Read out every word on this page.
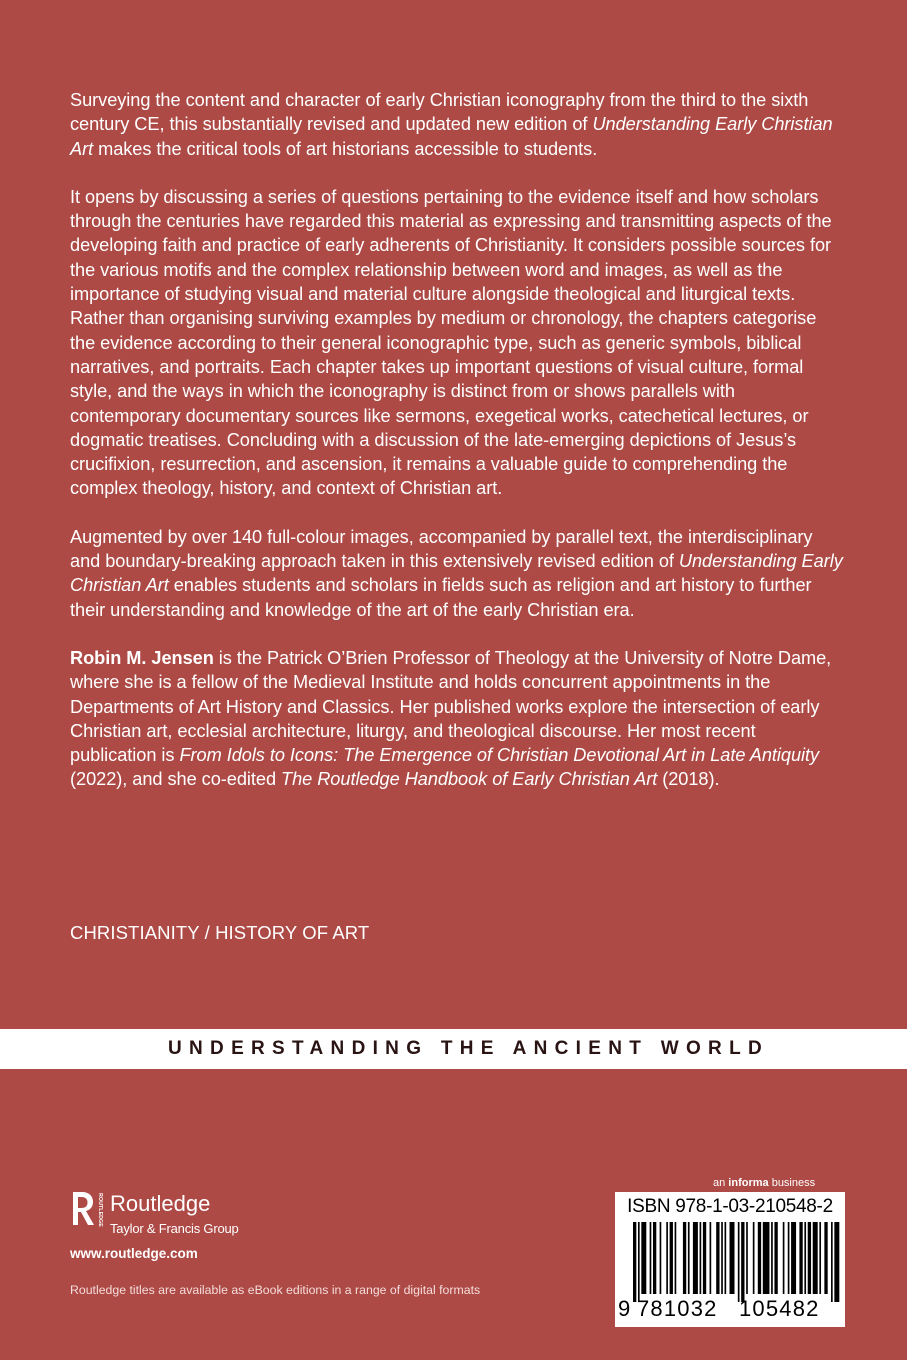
Surveying the content and character of early Christian iconography from the third to the sixth century CE, this substantially revised and updated new edition of Understanding Early Christian Art makes the critical tools of art historians accessible to students.

It opens by discussing a series of questions pertaining to the evidence itself and how scholars through the centuries have regarded this material as expressing and transmitting aspects of the developing faith and practice of early adherents of Christianity. It considers possible sources for the various motifs and the complex relationship between word and images, as well as the importance of studying visual and material culture alongside theological and liturgical texts. Rather than organising surviving examples by medium or chronology, the chapters categorise the evidence according to their general iconographic type, such as generic symbols, biblical narratives, and portraits. Each chapter takes up important questions of visual culture, formal style, and the ways in which the iconography is distinct from or shows parallels with contemporary documentary sources like sermons, exegetical works, catechetical lectures, or dogmatic treatises. Concluding with a discussion of the late-emerging depictions of Jesus’s crucifixion, resurrection, and ascension, it remains a valuable guide to comprehending the complex theology, history, and context of Christian art.

Augmented by over 140 full-colour images, accompanied by parallel text, the interdisciplinary and boundary-breaking approach taken in this extensively revised edition of Understanding Early Christian Art enables students and scholars in fields such as religion and art history to further their understanding and knowledge of the art of the early Christian era.

Robin M. Jensen is the Patrick O’Brien Professor of Theology at the University of Notre Dame, where she is a fellow of the Medieval Institute and holds concurrent appointments in the Departments of Art History and Classics. Her published works explore the intersection of early Christian art, ecclesial architecture, liturgy, and theological discourse. Her most recent publication is From Idols to Icons: The Emergence of Christian Devotional Art in Late Antiquity (2022), and she co-edited The Routledge Handbook of Early Christian Art (2018).

CHRISTIANITY / HISTORY OF ART
UNDERSTANDING THE ANCIENT WORLD
ROUTLEDGE Routledge
Taylor & Francis Group
www.routledge.com
Routledge titles are available as eBook editions in a range of digital formats
an informa business
ISBN 978-1-03-210548-2
9 781032 105482
